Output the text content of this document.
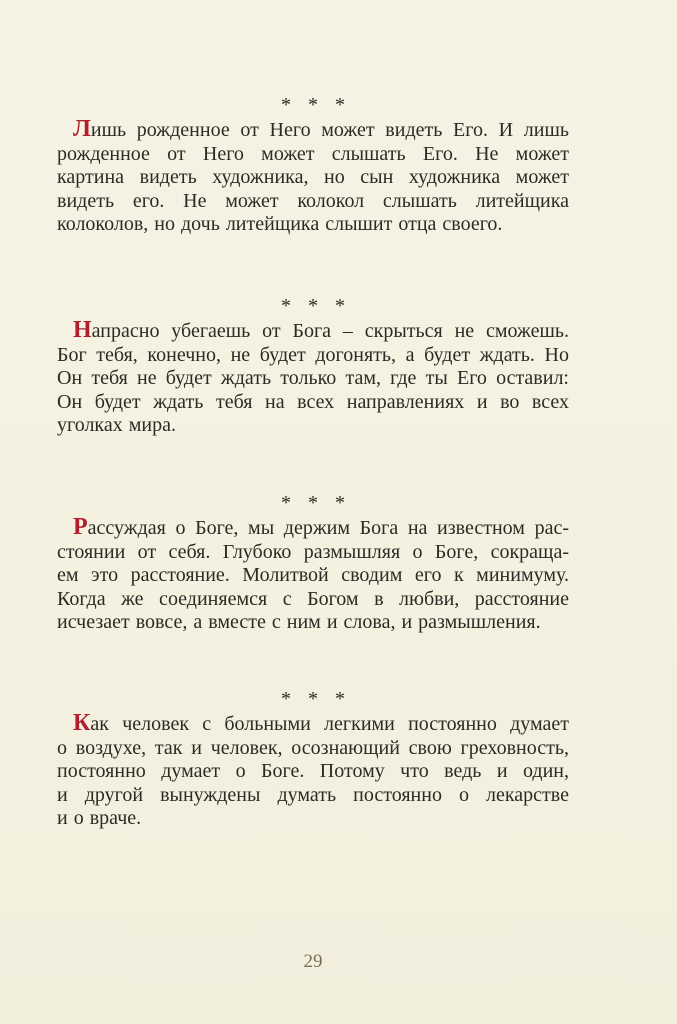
* * *

Лишь рожденное от Него может видеть Его. И лишь
рожденное от Него может слышать Его. Не может
картина видеть художника, но сын художника может
видеть его. Не может колокол слышать литейщика
колоколов, но дочь литейщика слышит отца своего.

* * *

Напрасно убегаешь от Бога – скрыться не сможешь.
Бог тебя, конечно, не будет догонять, а будет ждать. Но
Он тебя не будет ждать только там, где ты Его оставил:
Он будет ждать тебя на всех направлениях и во всех
уголках мира.

* * *

Рассуждая о Боге, мы держим Бога на известном рас-
стоянии от себя. Глубоко размышляя о Боге, сокраща-
ем это расстояние. Молитвой сводим его к минимуму.
Когда же соединяемся с Богом в любви, расстояние
исчезает вовсе, а вместе с ним и слова, и размышления.

* * *

Как человек с больными легкими постоянно думает
о воздухе, так и человек, осознающий свою греховность,
постоянно думает о Боге. Потому что ведь и один,
и другой вынуждены думать постоянно о лекарстве
и о враче.

29
